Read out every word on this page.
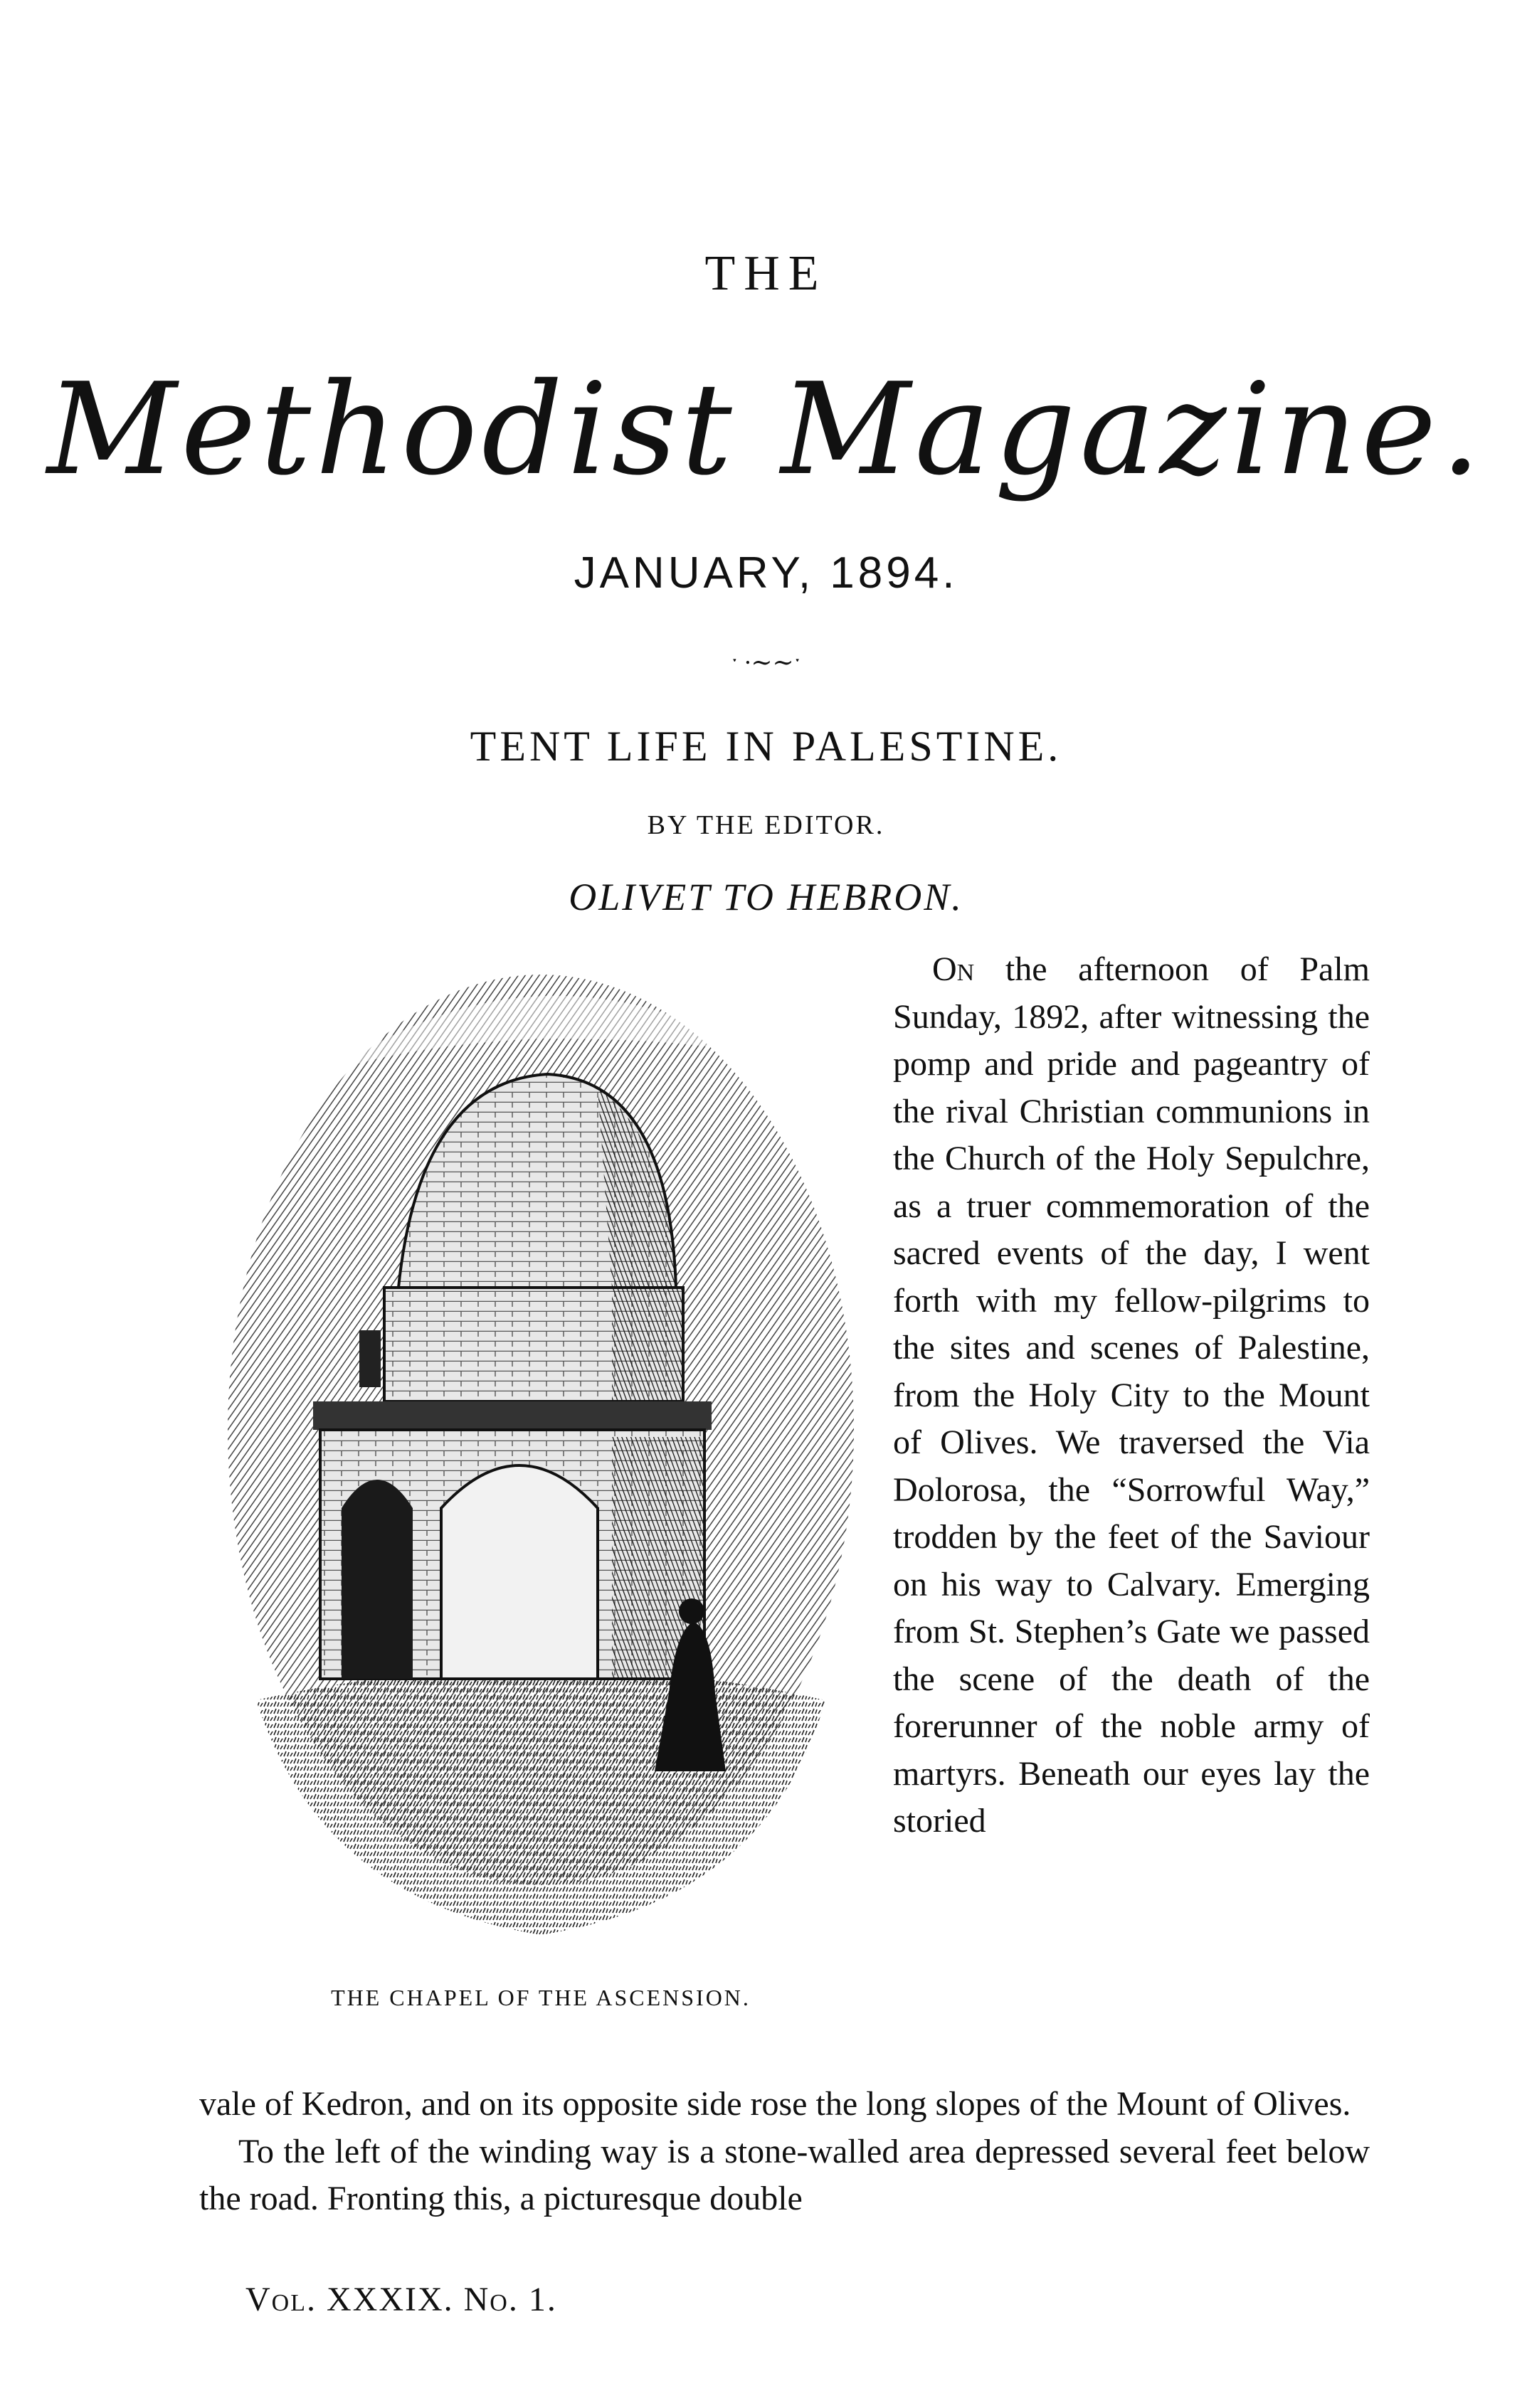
THE
Methodist Magazine.
JANUARY, 1894.
ˑ ∙∼∼ˑ
TENT LIFE IN PALESTINE.
BY THE EDITOR.
OLIVET TO HEBRON.
THE CHAPEL OF THE ASCENSION.

On the afternoon of Palm Sunday, 1892, after witnessing the pomp and pride and pageantry of the rival Christian communions in the Church of the Holy Sepulchre, as a truer commemoration of the sacred events of the day, I went forth with my fellow-pilgrims to the sites and scenes of Palestine, from the Holy City to the Mount of Olives. We traversed the Via Dolorosa, the “Sorrowful Way,” trodden by the feet of the Saviour on his way to Calvary. Emerging from St. Stephen’s Gate we passed the scene of the death of the forerunner of the noble army of martyrs. Beneath our eyes lay the storied

vale of Kedron, and on its opposite side rose the long slopes of the Mount of Olives.

To the left of the winding way is a stone-walled area depressed several feet below the road. Fronting this, a picturesque double

Vol. XXXIX. No. 1.
